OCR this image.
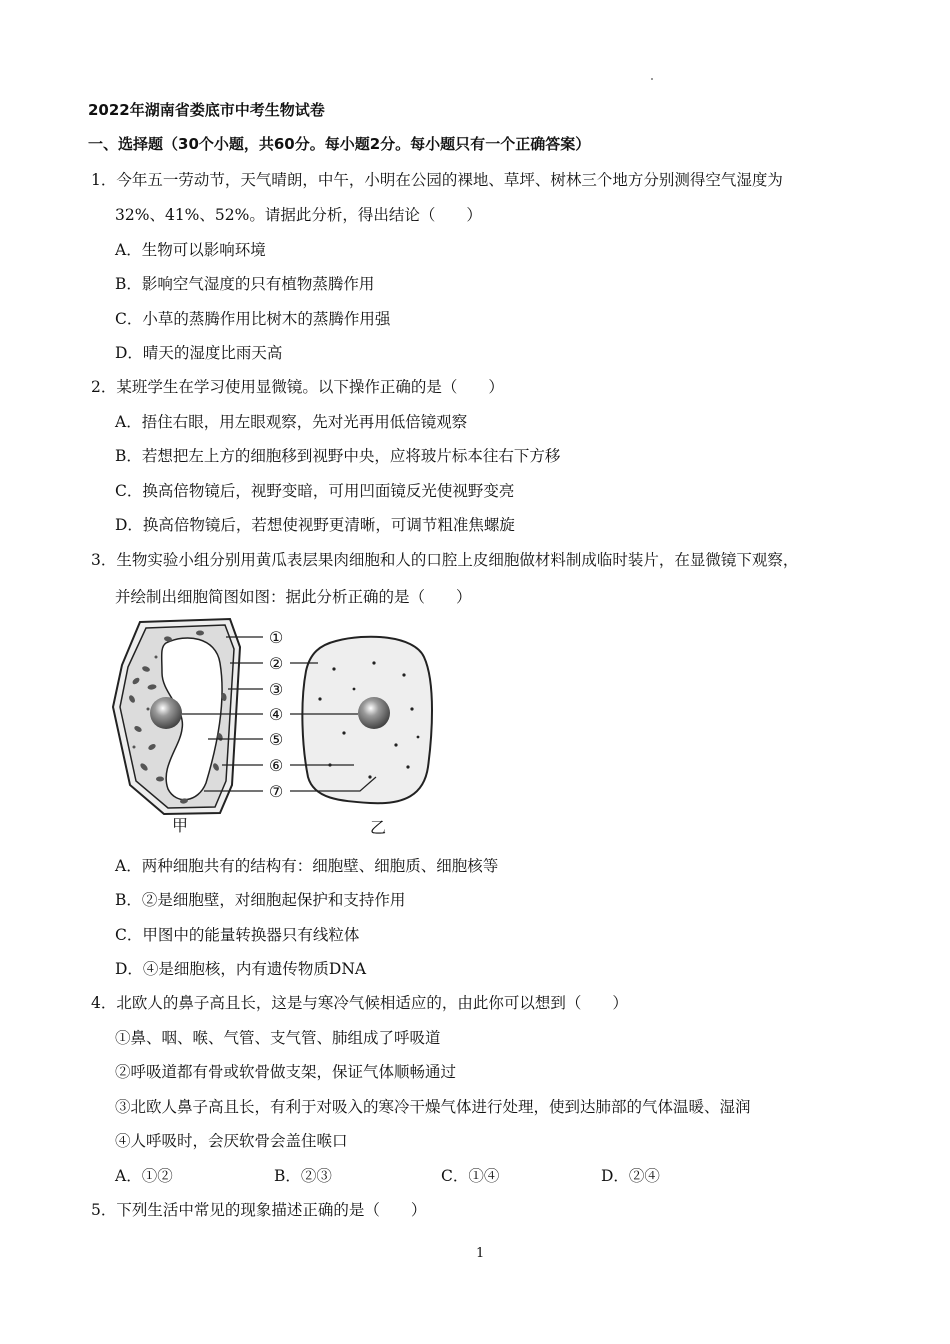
2022年湖南省娄底市中考生物试卷
一、选择题（30个小题，共60分。每小题2分。每小题只有一个正确答案）
1．今年五一劳动节，天气晴朗，中午，小明在公园的裸地、草坪、树林三个地方分别测得空气湿度为
32%、41%、52%。请据此分析，得出结论（　　）
A．生物可以影响环境
B．影响空气湿度的只有植物蒸腾作用
C．小草的蒸腾作用比树木的蒸腾作用强
D．晴天的湿度比雨天高
2．某班学生在学习使用显微镜。以下操作正确的是（　　）
A．捂住右眼，用左眼观察，先对光再用低倍镜观察
B．若想把左上方的细胞移到视野中央，应将玻片标本往右下方移
C．换高倍物镜后，视野变暗，可用凹面镜反光使视野变亮
D．换高倍物镜后，若想使视野更清晰，可调节粗准焦螺旋
3．生物实验小组分别用黄瓜表层果肉细胞和人的口腔上皮细胞做材料制成临时装片，在显微镜下观察，
并绘制出细胞简图如图：据此分析正确的是（　　）
①
②
③
④
⑤
⑥
⑦
甲	乙
A．两种细胞共有的结构有：细胞壁、细胞质、细胞核等
B．②是细胞壁，对细胞起保护和支持作用
C．甲图中的能量转换器只有线粒体
D．④是细胞核，内有遗传物质DNA
4．北欧人的鼻子高且长，这是与寒冷气候相适应的，由此你可以想到（　　）
①鼻、咽、喉、气管、支气管、肺组成了呼吸道
②呼吸道都有骨或软骨做支架，保证气体顺畅通过
③北欧人鼻子高且长，有利于对吸入的寒冷干燥气体进行处理，使到达肺部的气体温暖、湿润
④人呼吸时，会厌软骨会盖住喉口
A．①②	B．②③	C．①④	D．②④
5．下列生活中常见的现象描述正确的是（　　）
1
